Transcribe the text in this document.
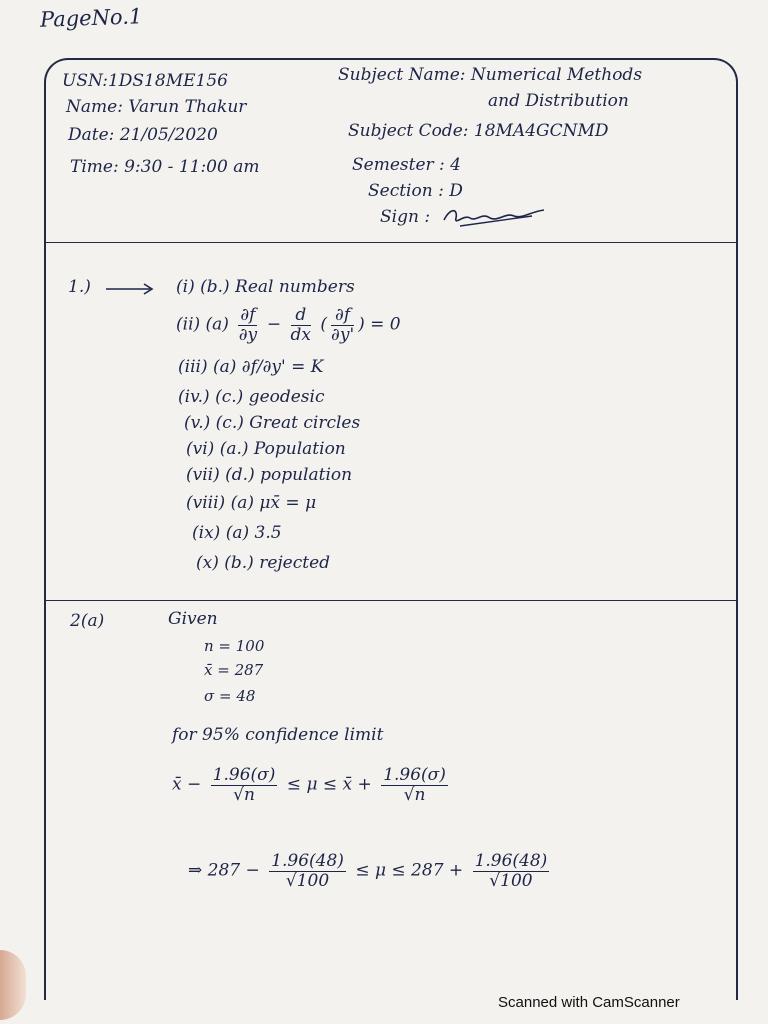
PageNo.1
USN:1DS18ME156
Name: Varun Thakur
Date: 21/05/2020
Time: 9:30 - 11:00 am
Subject Name: Numerical Methods
and Distribution
Subject Code: 18MA4GCNMD
Semester : 4
Section : D
Sign :
1.)	(i) (b.) Real numbers
(ii) $(a) \frac{\partial f}{\partial y} - \frac{d}{dx}$ ( $\frac{\partial f}{\partial y'}$ ) = 0
(iii) (a) ∂f/∂y' = K
(iv.) (c.) geodesic
(v.) (c.) Great circles
(vi) (a.) Population
(vii) (d.) population
(viii) (a) μx̄ = μ
(ix) (a) 3.5
(x) (b.) rejected
2(a)	Given
n = 100
x̄ = 287
σ = 48
for 95% confidence limit
x̄ − $\frac{1.96(\sigma)}{√n} \le \mu$ ≤ x̄ + $\frac{1.96(\sigma)}{√n}$
⇒ $287 - \frac{1.96(48)}{√100} \le \mu \le 287 + \frac{1.96(48)}{√100}$
Scanned with CamScanner
